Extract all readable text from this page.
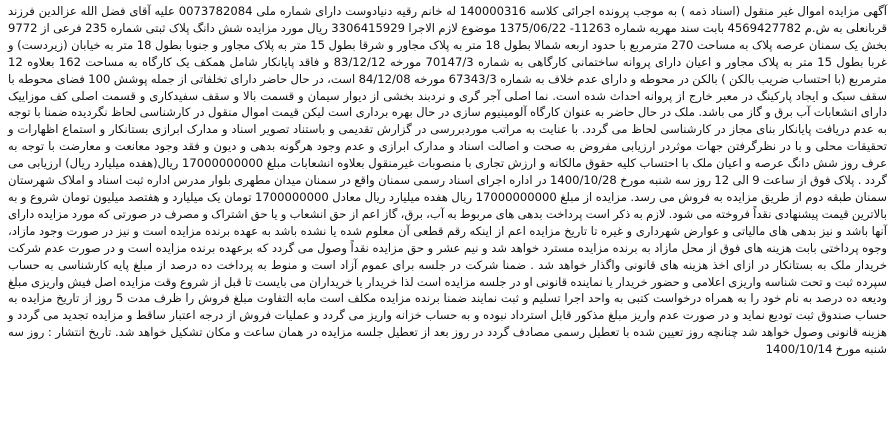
آگهی مزایده اموال غیر منقول (اسناد ذمه ) به موجب پرونده اجرائی کلاسه 140000316 له خانم رقیه دنیادوست دارای شماره ملی 0073782084 علیه آقای فضل الله عزالدین فرزند قربانعلی به ش.م 4569427782 بابت سند مهریه شماره 11263- 1375/06/22 موضوع لازم الاجرا 3306415929 ریال مورد مزایده شش دانگ پلاک ثبتی شماره 235 فرعی از 9772 بخش یک سمنان عرصه پلاک به مساحت 270 مترمربع با حدود اربعه شمالا بطول 18 متر به پلاک مجاور و شرقا بطول 15 متر به پلاک مجاور و جنوبا بطول 18 متر به خیابان (زیردست) و غربا بطول 15 متر به پلاک مجاور و اعیان دارای پروانه ساختمانی کارگاهی به شماره 70147/3 مورخه 83/12/12 و فاقد پایانکار شامل همکف یک کارگاه به مساحت 162 بعلاوه 12 مترمربع (با احتساب ضریب بالکن ) بالکن در محوطه و دارای عدم خلاف به شماره 67343/3 مورخه 84/12/08 است، در حال حاضر دارای تخلفاتی از جمله پوشش 100 فضای محوطه با سقف سبک و ایجاد پارکینگ در معبر خارج از پروانه احداث شده است. نما اصلی آجر گری و نردبند بخشی از دیوار سیمان و قسمت بالا و سقف سفیدکاری و قسمت اصلی کف موزاییک دارای انشعابات آب برق و گاز می باشد. ملک در حال حاضر به عنوان کارگاه آلومینیوم سازی در حال بهره برداری است لیکن قیمت اموال منقول در کارشناسی لحاظ نگردیده ضمنا با توجه به عدم دریافت پایانکار بنای مجاز در کارشناسی لحاظ می گردد. با عنایت به مراتب موردبررسی در گزارش تقدیمی و باستناد تصویر اسناد و مدارک ابرازی بستانکار و استماع اظهارات و تحقیقات محلی و با در نظرگرفتن جهات موثردر ارزیابی مفروض به صحت و اصالت اسناد و مدارک ابرازی و عدم وجود هرگونه بدهی و دیون و فقد وجود معانعت و معارضت با توجه به عرف روز شش دانگ عرصه و اعیان ملک با احتساب کلیه حقوق مالکانه و ارزش تجاری با منصوبات غیرمنقول بعلاوه انشعابات مبلغ 17000000000 ریال(هفده میلیارد ریال) ارزیابی می گردد . پلاک فوق از ساعت 9 الی 12 روز سه شنبه مورخ 1400/10/28 در اداره اجرای اسناد رسمی سمنان واقع در سمنان میدان مطهری بلوار مدرس اداره ثبت اسناد و املاک شهرستان سمنان طبقه دوم از طریق مزایده به فروش می رسد. مزایده از مبلغ 17000000000 ریال هفده میلیارد ریال معادل 1700000000 تومان یک میلیارد و هفتصد میلیون تومان شروع و به بالاترین قیمت پیشنهادی نقداً فروخته می شود. لازم به ذکر است پرداخت بدهی های مربوط به آب، برق، گاز اعم از حق انشعاب و یا حق اشتراک و مصرف در صورتی که مورد مزایده دارای آنها باشد و نیز بدهی های مالیاتی و عوارض شهرداری و غیره تا تاریخ مزایده اعم از اینکه رقم قطعی آن معلوم شده یا نشده باشد به عهده برنده مزایده است و نیز در صورت وجود مازاد، وجوه پرداختی بابت هزینه های فوق از محل مازاد به برنده مزایده مسترد خواهد شد و نیم عشر و حق مزایده نقداً وصول می گردد که برعهده برنده مزایده است و در صورت عدم شرکت خریدار ملک به بستانکار در ازای اخذ هزینه های قانونی واگذار خواهد شد . ضمنا شرکت در جلسه برای عموم آزاد است و منوط به پرداخت ده درصد از مبلغ پایه کارشناسی به حساب سپرده ثبت و تحت شناسه واریزی اعلامی و حضور خریدار یا نماینده قانونی او در جلسه مزایده است لذا خریدار یا خریداران می بایست تا قبل از شروع وقت مزایده اصل فیش واریزی مبلغ ودیعه ده درصد به نام خود را به همراه درخواست کتبی به واحد اجرا تسلیم و ثبت نمایند ضمنا برنده مزایده مکلف است مابه التفاوت مبلغ فروش را ظرف مدت 5 روز از تاریخ مزایده به حساب صندوق ثبت تودیع نماید و در صورت عدم واریز مبلغ مذکور قابل استرداد نبوده و به حساب خزانه واریز می گردد و عملیات فروش از درجه اعتبار ساقط و مزایده تجدید می گردد و هزینه قانونی وصول خواهد شد چنانچه روز تعیین شده با تعطیل رسمی مصادف گردد در روز بعد از تعطیل جلسه مزایده در همان ساعت و مکان تشکیل خواهد شد. تاریخ انتشار : روز سه شنبه مورخ 1400/10/14
